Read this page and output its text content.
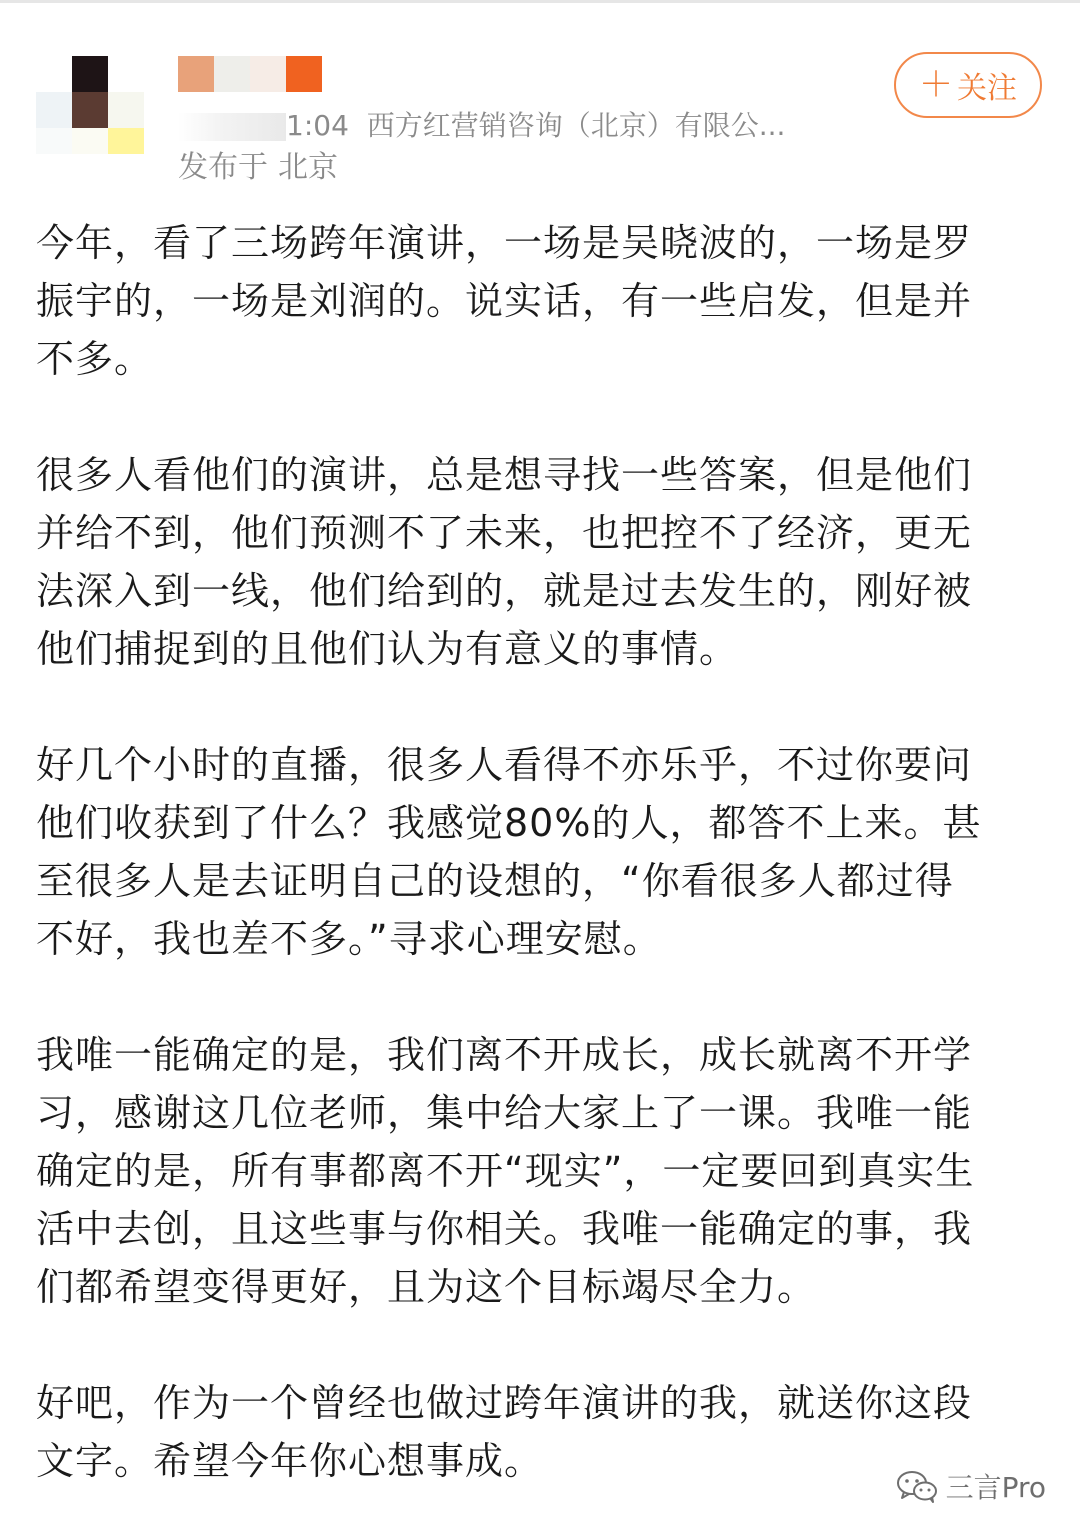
1:04 西方红营销咨询（北京）有限公...
发布于 北京
＋ 关注

今年，看了三场跨年演讲，一场是吴晓波的，一场是罗
振宇的，一场是刘润的。说实话，有一些启发，但是并
不多。

很多人看他们的演讲，总是想寻找一些答案，但是他们
并给不到，他们预测不了未来，也把控不了经济，更无
法深入到一线，他们给到的，就是过去发生的，刚好被
他们捕捉到的且他们认为有意义的事情。

好几个小时的直播，很多人看得不亦乐乎，不过你要问
他们收获到了什么？我感觉80%的人，都答不上来。甚
至很多人是去证明自己的设想的，“你看很多人都过得
不好，我也差不多。”寻求心理安慰。

我唯一能确定的是，我们离不开成长，成长就离不开学
习，感谢这几位老师，集中给大家上了一课。我唯一能
确定的是，所有事都离不开“现实”，一定要回到真实生
活中去创，且这些事与你相关。我唯一能确定的事，我
们都希望变得更好，且为这个目标竭尽全力。

好吧，作为一个曾经也做过跨年演讲的我，就送你这段
文字。希望今年你心想事成。

三言Pro
